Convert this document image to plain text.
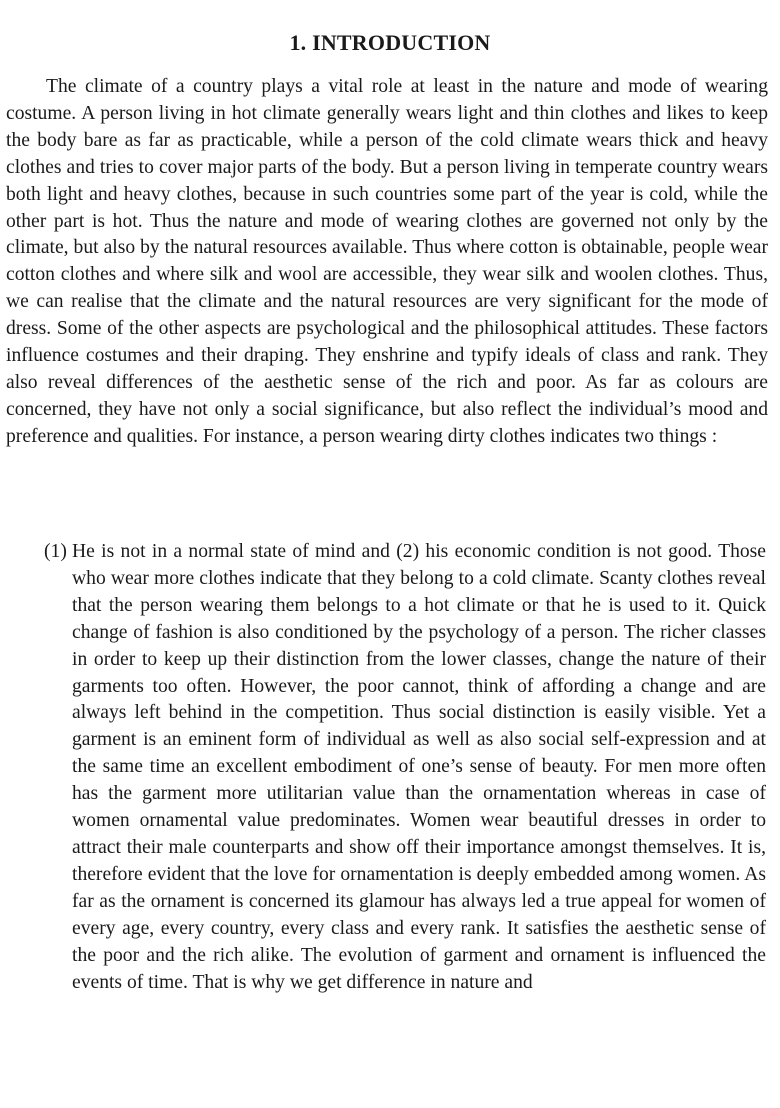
1. INTRODUCTION

The climate of a country plays a vital role at least in the nature and mode of wearing costume. A person living in hot climate generally wears light and thin clothes and likes to keep the body bare as far as practicable, while a person of the cold climate wears thick and heavy clothes and tries to cover major parts of the body. But a person living in temperate country wears both light and heavy clothes, because in such countries some part of the year is cold, while the other part is hot. Thus the nature and mode of wearing clothes are governed not only by the climate, but also by the natural resources available. Thus where cotton is obtainable, people wear cotton clothes and where silk and wool are accessible, they wear silk and woolen clothes. Thus, we can realise that the climate and the natural resources are very significant for the mode of dress. Some of the other aspects are psychological and the philosophical attitudes. These factors influence costumes and their draping. They enshrine and typify ideals of class and rank. They also reveal differences of the aesthetic sense of the rich and poor. As far as colours are concerned, they have not only a social significance, but also reflect the individual’s mood and preference and qualities. For instance, a person wearing dirty clothes indicates two things :

(1) He is not in a normal state of mind and (2) his economic condition is not good. Those who wear more clothes indicate that they belong to a cold climate. Scanty clothes reveal that the person wearing them belongs to a hot climate or that he is used to it. Quick change of fashion is also conditioned by the psychology of a person. The richer classes in order to keep up their distinction from the lower classes, change the nature of their garments too often. However, the poor cannot, think of affording a change and are always left behind in the competition. Thus social distinction is easily visible. Yet a garment is an eminent form of individual as well as also social self-expression and at the same time an excellent embodiment of one’s sense of beauty. For men more often has the garment more utilitarian value than the ornamentation whereas in case of women ornamental value predominates. Women wear beautiful dresses in order to attract their male counterparts and show off their importance amongst themselves. It is, therefore evident that the love for ornamentation is deeply embedded among women. As far as the ornament is concerned its glamour has always led a true appeal for women of every age, every country, every class and every rank. It satisfies the aesthetic sense of the poor and the rich alike. The evolution of garment and ornament is influenced the events of time. That is why we get difference in nature and
